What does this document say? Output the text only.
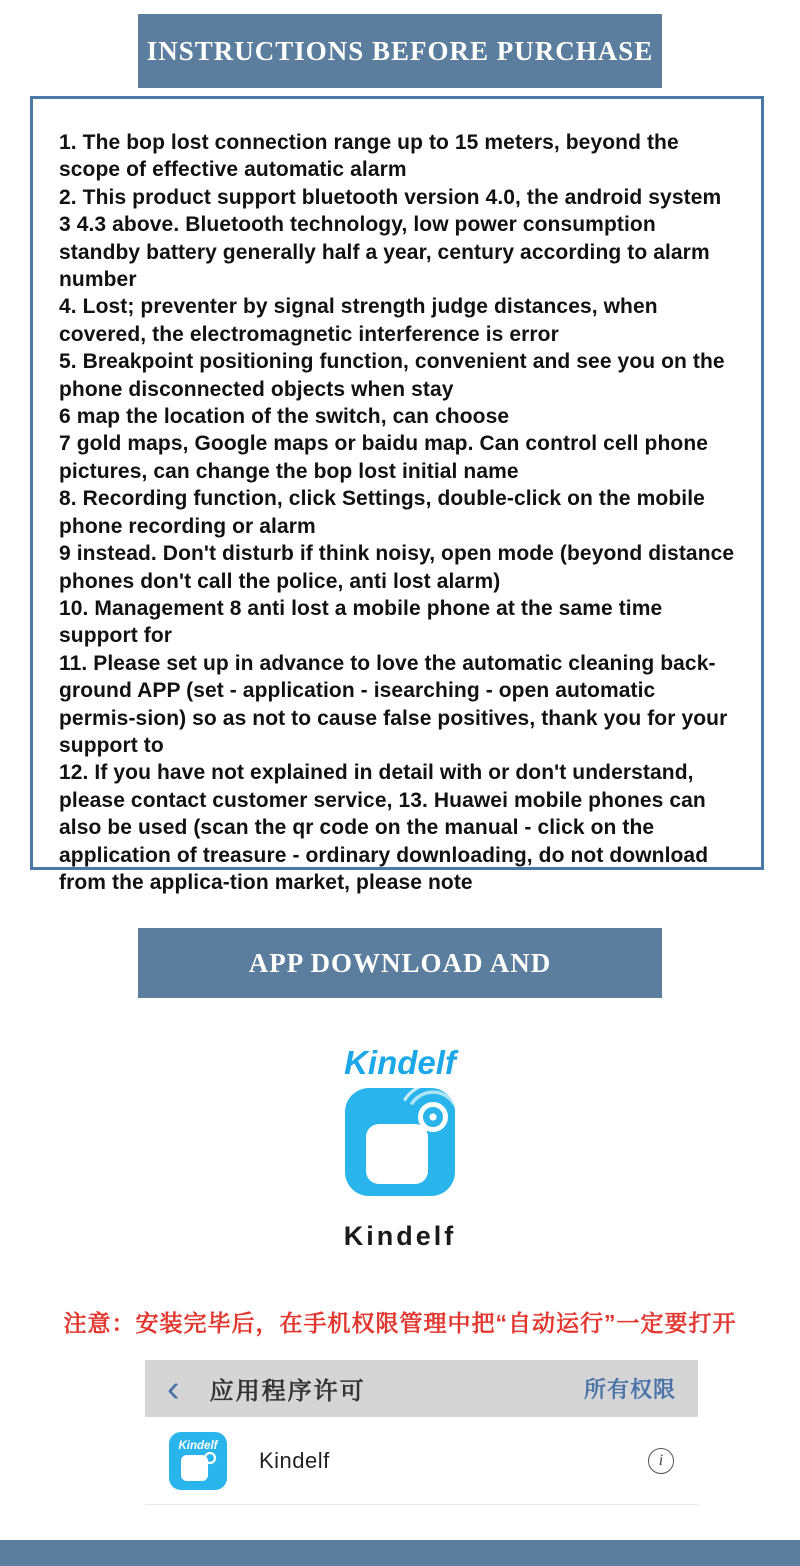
INSTRUCTIONS BEFORE PURCHASE

1. The bop lost connection range up to 15 meters, beyond the scope of effective automatic alarm

2. This product support bluetooth version 4.0, the android system 3 4.3 above. Bluetooth technology, low power consumption standby battery generally half a year, century according to alarm number

4. Lost; preventer by signal strength judge distances, when covered, the electromagnetic interference is error

5. Breakpoint positioning function, convenient and see you on the phone disconnected objects when stay

6 map the location of the switch, can choose

7 gold maps, Google maps or baidu map. Can control cell phone pictures, can change the bop lost initial name

8. Recording function, click Settings, double-click on the mobile phone recording or alarm

9 instead. Don't disturb if think noisy, open mode (beyond distance phones don't call the police, anti lost alarm)

10. Management 8 anti lost a mobile phone at the same time support for

11. Please set up in advance to love the automatic cleaning back-ground APP (set - application - isearching - open automatic permis-sion) so as not to cause false positives, thank you for your support to

12. If you have not explained in detail with or don't understand, please contact customer service, 13. Huawei mobile phones can also be used (scan the qr code on the manual - click on the application of treasure - ordinary downloading, do not download from the applica-tion market, please note

APP DOWNLOAD AND INSTALLATION
Kindelf
Kindelf
注意：安装完毕后，在手机权限管理中把“自动运行”一定要打开
‹ 应用程序许可	所有权限
Kindelf
Kindelf	i
